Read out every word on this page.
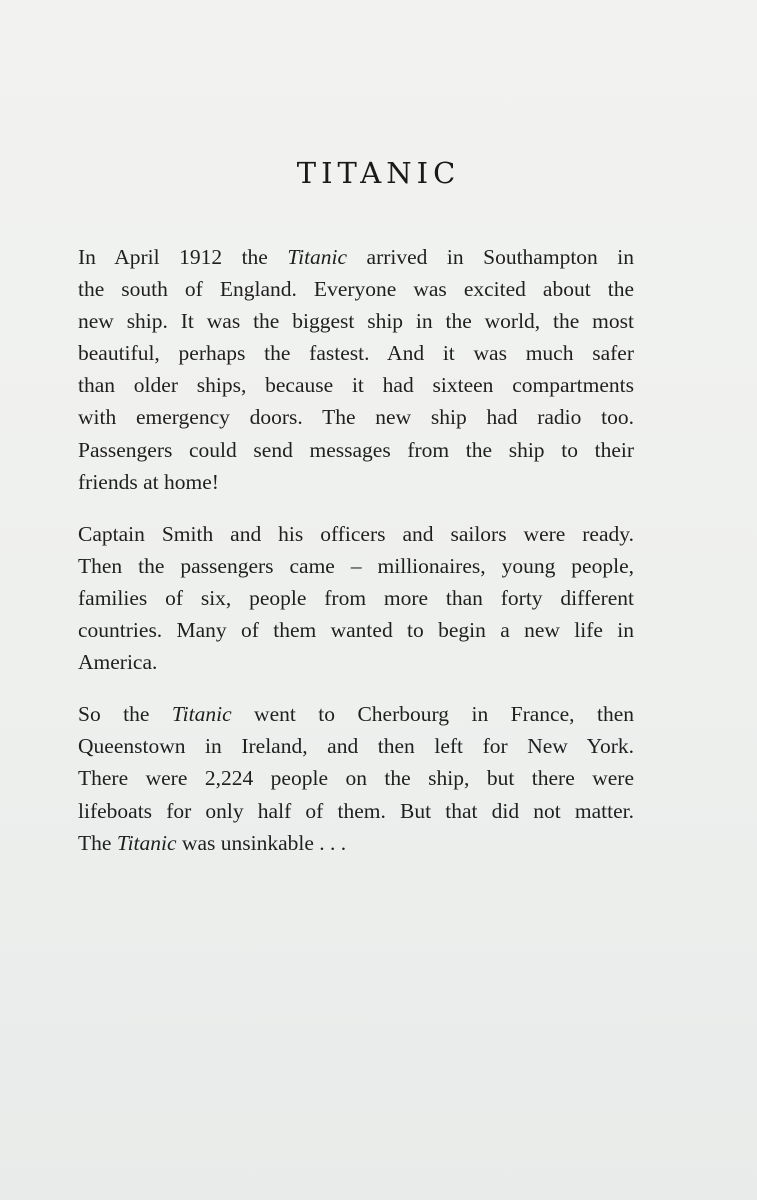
TITANIC

In April 1912 the Titanic arrived in Southampton in
the south of England. Everyone was excited about the
new ship. It was the biggest ship in the world, the most
beautiful, perhaps the fastest. And it was much safer
than older ships, because it had sixteen compartments
with emergency doors. The new ship had radio too.
Passengers could send messages from the ship to their
friends at home!

Captain Smith and his officers and sailors were ready.
Then the passengers came – millionaires, young people,
families of six, people from more than forty different
countries. Many of them wanted to begin a new life in
America.

So the Titanic went to Cherbourg in France, then
Queenstown in Ireland, and then left for New York.
There were 2,224 people on the ship, but there were
lifeboats for only half of them. But that did not matter.
The Titanic was unsinkable . . .
